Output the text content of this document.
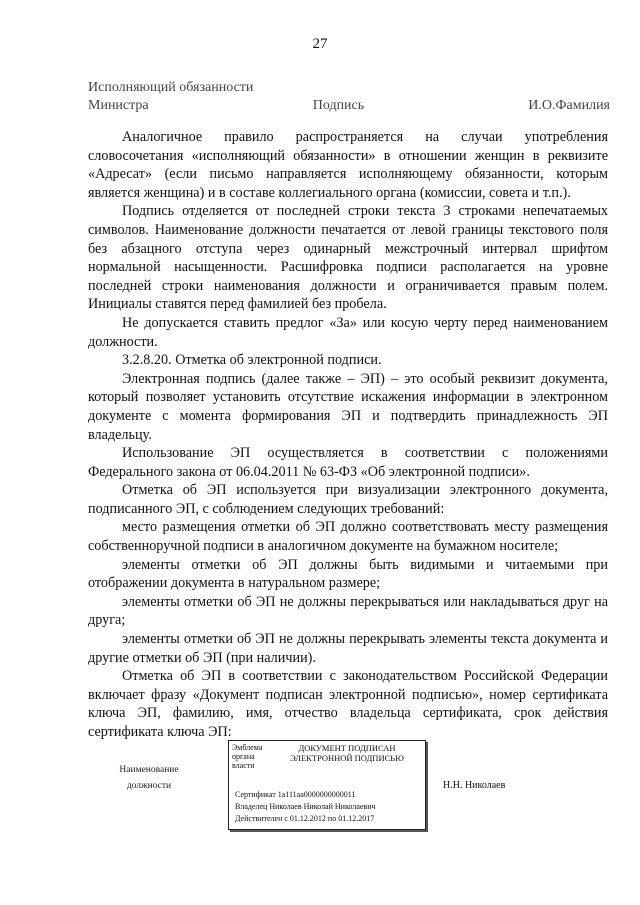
27
Исполняющий обязанности
Министра	Подпись	И.О.Фамилия

Аналогичное правило распространяется на случаи употребления словосочетания «исполняющий обязанности» в отношении женщин в реквизите «Адресат» (если письмо направляется исполняющему обязанности, которым является женщина) и в составе коллегиального органа (комиссии, совета и т.п.).

Подпись отделяется от последней строки текста 3 строками непечатаемых символов. Наименование должности печатается от левой границы текстового поля без абзацного отступа через одинарный межстрочный интервал шрифтом нормальной насыщенности. Расшифровка подписи располагается на уровне последней строки наименования должности и ограничивается правым полем. Инициалы ставятся перед фамилией без пробела.

Не допускается ставить предлог «За» или косую черту перед наименованием должности.

3.2.8.20. Отметка об электронной подписи.

Электронная подпись (далее также – ЭП) – это особый реквизит документа, который позволяет установить отсутствие искажения информации в электронном документе с момента формирования ЭП и подтвердить принадлежность ЭП владельцу.

Использование ЭП осуществляется в соответствии с положениями Федерального закона от 06.04.2011 № 63-ФЗ «Об электронной подписи».

Отметка об ЭП используется при визуализации электронного документа, подписанного ЭП, с соблюдением следующих требований:

место размещения отметки об ЭП должно соответствовать месту размещения собственноручной подписи в аналогичном документе на бумажном носителе;

элементы отметки об ЭП должны быть видимыми и читаемыми при отображении документа в натуральном размере;

элементы отметки об ЭП не должны перекрываться или накладываться друг на друга;

элементы отметки об ЭП не должны перекрывать элементы текста документа и другие отметки об ЭП (при наличии).

Отметка об ЭП в соответствии с законодательством Российской Федерации включает фразу «Документ подписан электронной подписью», номер сертификата ключа ЭП, фамилию, имя, отчество владельца сертификата, срок действия сертификата ключа ЭП:

Наименование
должности
Эмблема органа власти
ДОКУМЕНТ ПОДПИСАН
ЭЛЕКТРОННОЙ ПОДПИСЬЮ
Сертификат 1a111aa0000000000011
Владелец Николаев Николай Николаевич
Действителен с 01.12.2012 по 01.12.2017
Н.Н. Николаев
